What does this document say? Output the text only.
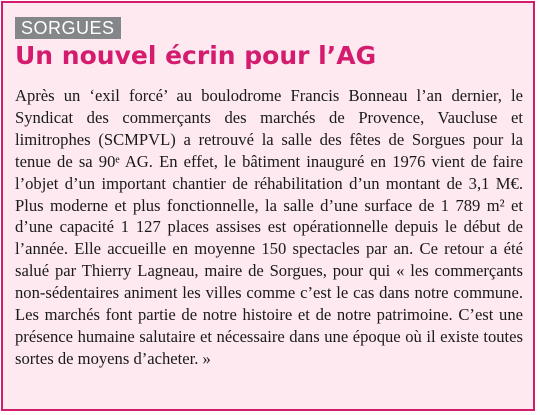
SORGUES
Un nouvel écrin pour l’AG

Après un ‘exil forcé’ au boulodrome Francis Bonneau l’an dernier, le Syndicat des commerçants des marchés de Provence, Vaucluse et limitrophes (SCMPVL) a retrouvé la salle des fêtes de Sorgues pour la tenue de sa 90ᵉ AG. En effet, le bâtiment inauguré en 1976 vient de faire l’objet d’un important chantier de réhabilitation d’un montant de 3,1 M€. Plus moderne et plus fonctionnelle, la salle d’une surface de 1 789 m² et d’une capacité 1 127 places assises est opérationnelle depuis le début de l’année. Elle accueille en moyenne 150 spectacles par an. Ce retour a été salué par Thierry Lagneau, maire de Sorgues, pour qui « les commerçants non-sédentaires animent les villes comme c’est le cas dans notre commune. Les marchés font partie de notre histoire et de notre patrimoine. C’est une présence humaine salutaire et nécessaire dans une époque où il existe toutes sortes de moyens d’acheter. »
